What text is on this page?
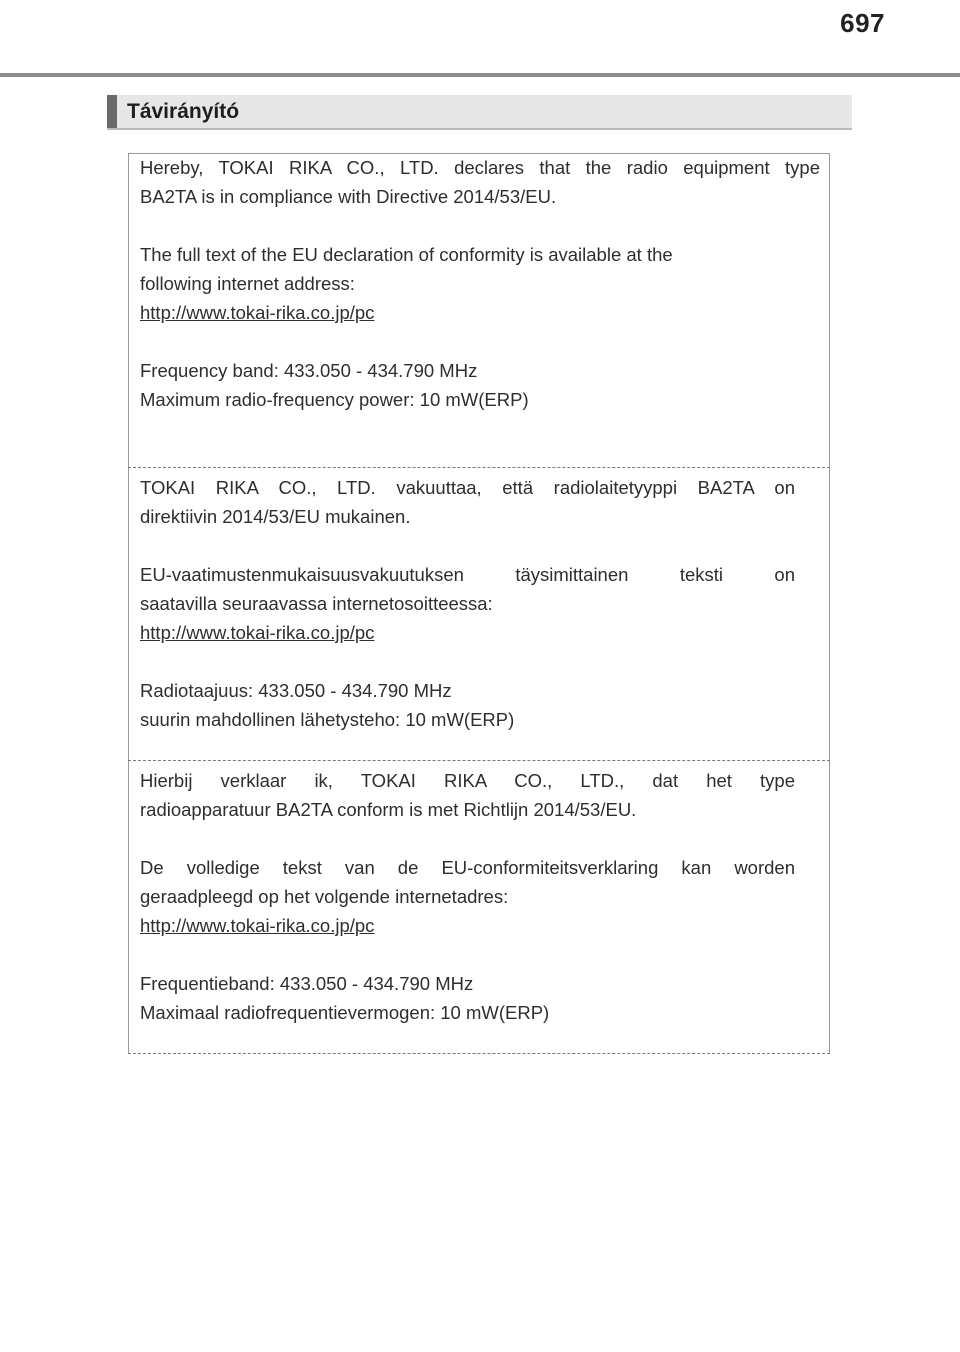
697
Távirányító

Hereby, TOKAI RIKA CO., LTD. declares that the radio equipment type

BA2TA is in compliance with Directive 2014/53/EU.

The full text of the EU declaration of conformity is available at the

following internet address:

http://www.tokai-rika.co.jp/pc

Frequency band: 433.050 - 434.790 MHz

Maximum radio-frequency power: 10 mW(ERP)

TOKAI RIKA CO., LTD. vakuuttaa, että radiolaitetyyppi BA2TA on

direktiivin 2014/53/EU mukainen.

EU-vaatimustenmukaisuusvakuutuksen täysimittainen teksti on

saatavilla seuraavassa internetosoitteessa:

http://www.tokai-rika.co.jp/pc

Radiotaajuus: 433.050 - 434.790 MHz

suurin mahdollinen lähetysteho: 10 mW(ERP)

Hierbij verklaar ik, TOKAI RIKA CO., LTD., dat het type

radioapparatuur BA2TA conform is met Richtlijn 2014/53/EU.

De volledige tekst van de EU-conformiteitsverklaring kan worden

geraadpleegd op het volgende internetadres:

http://www.tokai-rika.co.jp/pc

Frequentieband: 433.050 - 434.790 MHz

Maximaal radiofrequentievermogen: 10 mW(ERP)
